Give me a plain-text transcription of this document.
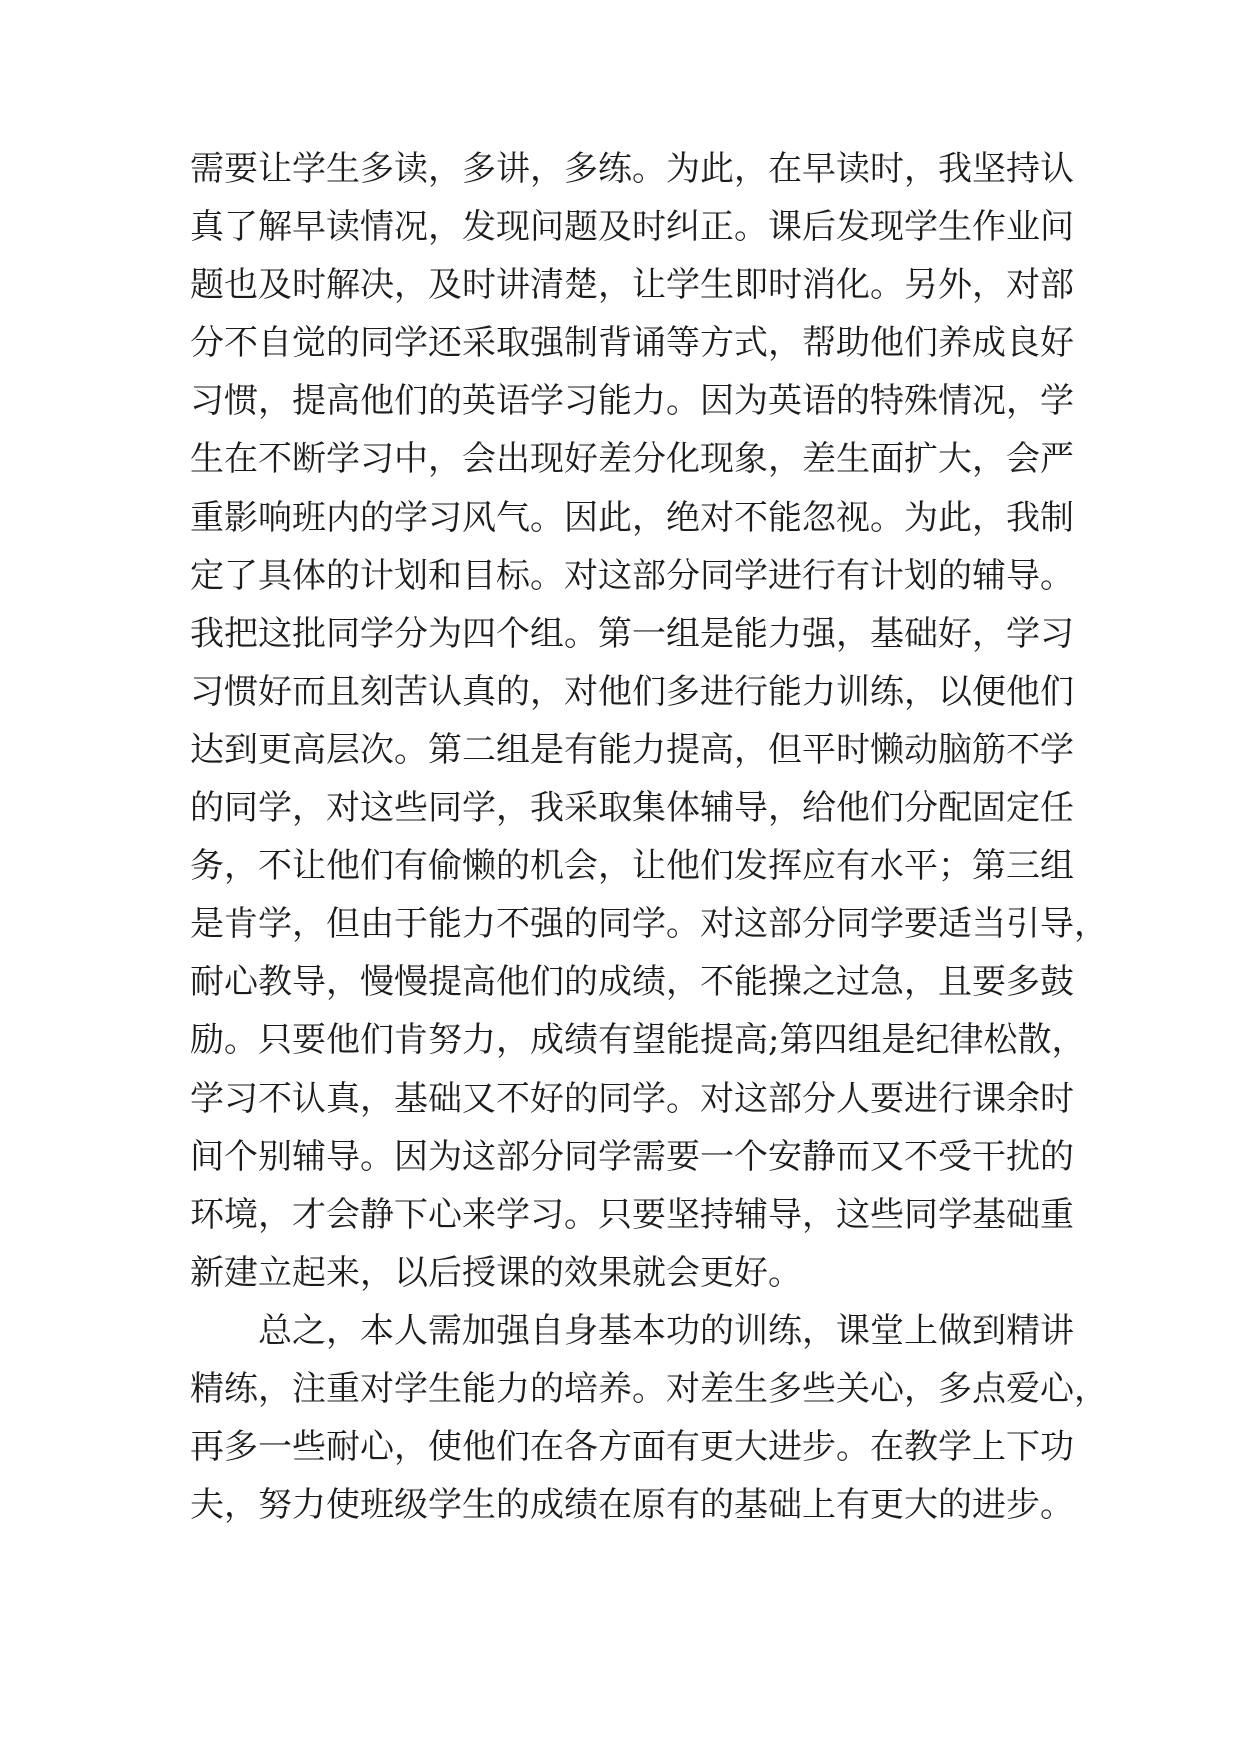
需要让学生多读，多讲，多练。为此，在早读时，我坚持认
真了解早读情况，发现问题及时纠正。课后发现学生作业问
题也及时解决，及时讲清楚，让学生即时消化。另外，对部
分不自觉的同学还采取强制背诵等方式，帮助他们养成良好
习惯，提高他们的英语学习能力。因为英语的特殊情况，学
生在不断学习中，会出现好差分化现象，差生面扩大，会严
重影响班内的学习风气。因此，绝对不能忽视。为此，我制
定了具体的计划和目标。对这部分同学进行有计划的辅导。
我把这批同学分为四个组。第一组是能力强，基础好，学习
习惯好而且刻苦认真的，对他们多进行能力训练，以便他们
达到更高层次。第二组是有能力提高，但平时懒动脑筋不学
的同学，对这些同学，我采取集体辅导，给他们分配固定任
务，不让他们有偷懒的机会，让他们发挥应有水平；第三组
是肯学，但由于能力不强的同学。对这部分同学要适当引导，
耐心教导，慢慢提高他们的成绩，不能操之过急，且要多鼓
励。只要他们肯努力，成绩有望能提高;第四组是纪律松散，
学习不认真，基础又不好的同学。对这部分人要进行课余时
间个别辅导。因为这部分同学需要一个安静而又不受干扰的
环境，才会静下心来学习。只要坚持辅导，这些同学基础重
新建立起来，以后授课的效果就会更好。
总之，本人需加强自身基本功的训练，课堂上做到精讲
精练，注重对学生能力的培养。对差生多些关心，多点爱心，
再多一些耐心，使他们在各方面有更大进步。在教学上下功
夫，努力使班级学生的成绩在原有的基础上有更大的进步。
